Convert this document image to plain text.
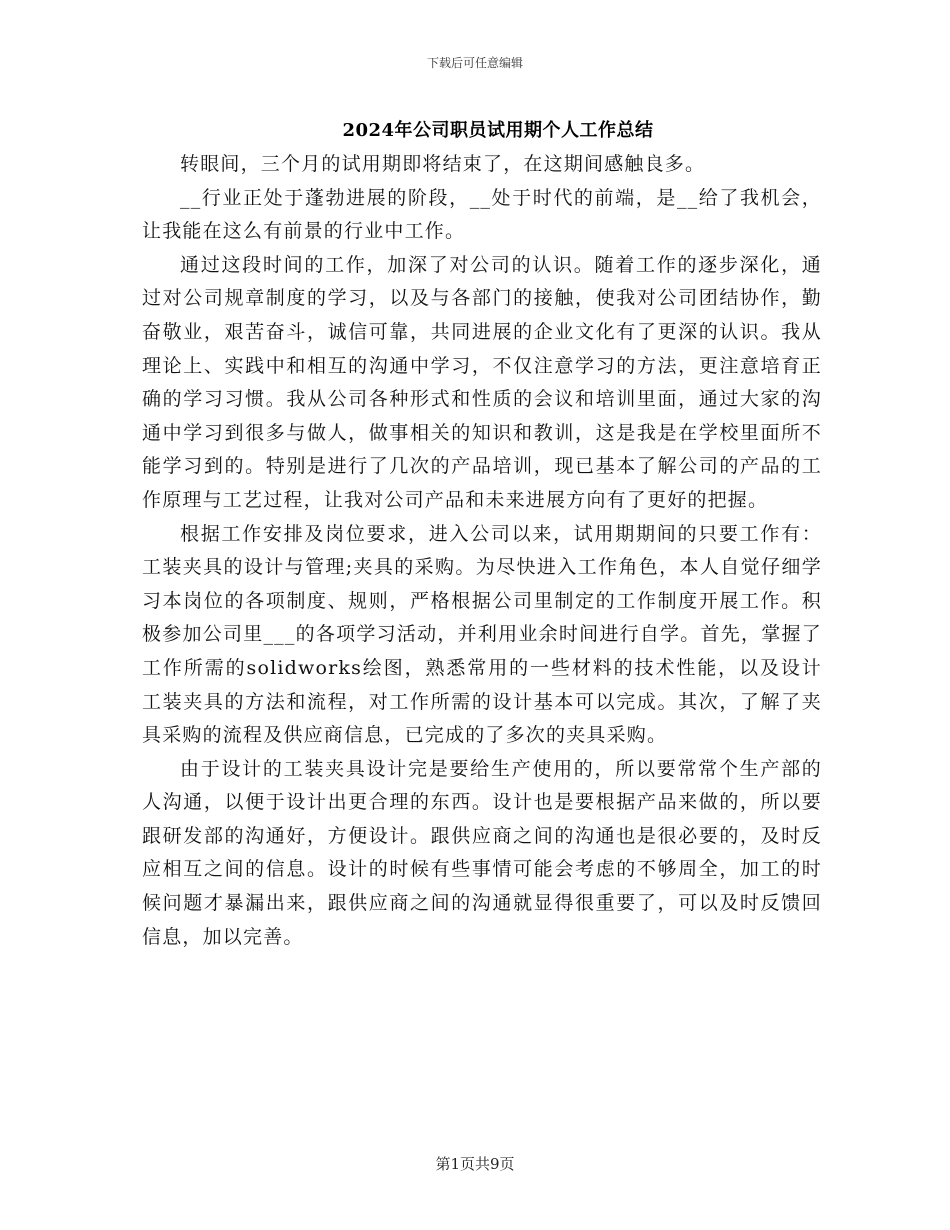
下载后可任意编辑
2024年公司职员试用期个人工作总结

转眼间，三个月的试用期即将结束了，在这期间感触良多。

__行业正处于蓬勃进展的阶段，__处于时代的前端，是__给了我机会，让我能在这么有前景的行业中工作。

通过这段时间的工作，加深了对公司的认识。随着工作的逐步深化，通过对公司规章制度的学习，以及与各部门的接触，使我对公司团结协作，勤奋敬业，艰苦奋斗，诚信可靠，共同进展的企业文化有了更深的认识。我从理论上、实践中和相互的沟通中学习，不仅注意学习的方法，更注意培育正确的学习习惯。我从公司各种形式和性质的会议和培训里面，通过大家的沟通中学习到很多与做人，做事相关的知识和教训，这是我是在学校里面所不能学习到的。特别是进行了几次的产品培训，现已基本了解公司的产品的工作原理与工艺过程，让我对公司产品和未来进展方向有了更好的把握。

根据工作安排及岗位要求，进入公司以来，试用期期间的只要工作有：工装夹具的设计与管理;夹具的采购。为尽快进入工作角色，本人自觉仔细学习本岗位的各项制度、规则，严格根据公司里制定的工作制度开展工作。积极参加公司里___的各项学习活动，并利用业余时间进行自学。首先，掌握了工作所需的solidworks绘图，熟悉常用的一些材料的技术性能，以及设计工装夹具的方法和流程，对工作所需的设计基本可以完成。其次，了解了夹具采购的流程及供应商信息，已完成的了多次的夹具采购。

由于设计的工装夹具设计完是要给生产使用的，所以要常常个生产部的人沟通，以便于设计出更合理的东西。设计也是要根据产品来做的，所以要跟研发部的沟通好，方便设计。跟供应商之间的沟通也是很必要的，及时反应相互之间的信息。设计的时候有些事情可能会考虑的不够周全，加工的时候问题才暴漏出来，跟供应商之间的沟通就显得很重要了，可以及时反馈回信息，加以完善。

第1页共9页
